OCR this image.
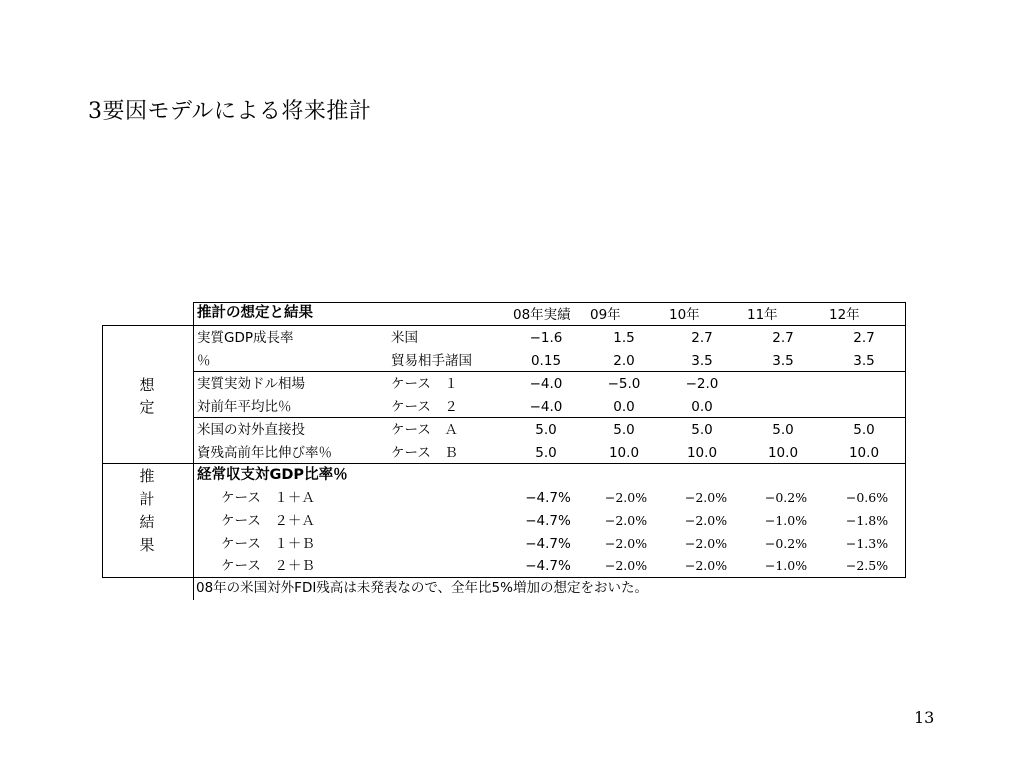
3要因モデルによる将来推計
推計の想定と結果	08年実績 09年	10年	11年	12年
想
定
推
計
結
果
実質GDP成長率	米国	−1.6	1.5	2.7	2.7	2.7
％	貿易相手諸国	0.15	2.0	3.5	3.5	3.5
実質実効ドル相場	ケース　１	−4.0	−5.0	−2.0
対前年平均比％	ケース　２	−4.0	0.0	0.0
米国の対外直接投	ケース　Ａ	5.0	5.0	5.0	5.0	5.0
資残高前年比伸び率％	ケース　Ｂ	5.0	10.0	10.0	10.0	10.0
経常収支対GDP比率％
ケース　１＋Ａ	−4.7%	−2.0%	−2.0%	−0.2%	−0.6%
ケース　２＋Ａ	−4.7%	−2.0%	−2.0%	−1.0%	−1.8%
ケース　１＋Ｂ	−4.7%	−2.0%	−2.0%	−0.2%	−1.3%
ケース　２＋Ｂ	−4.7%	−2.0%	−2.0%	−1.0%	−2.5%
08年の米国対外FDI残高は未発表なので、全年比5%増加の想定をおいた。
13
